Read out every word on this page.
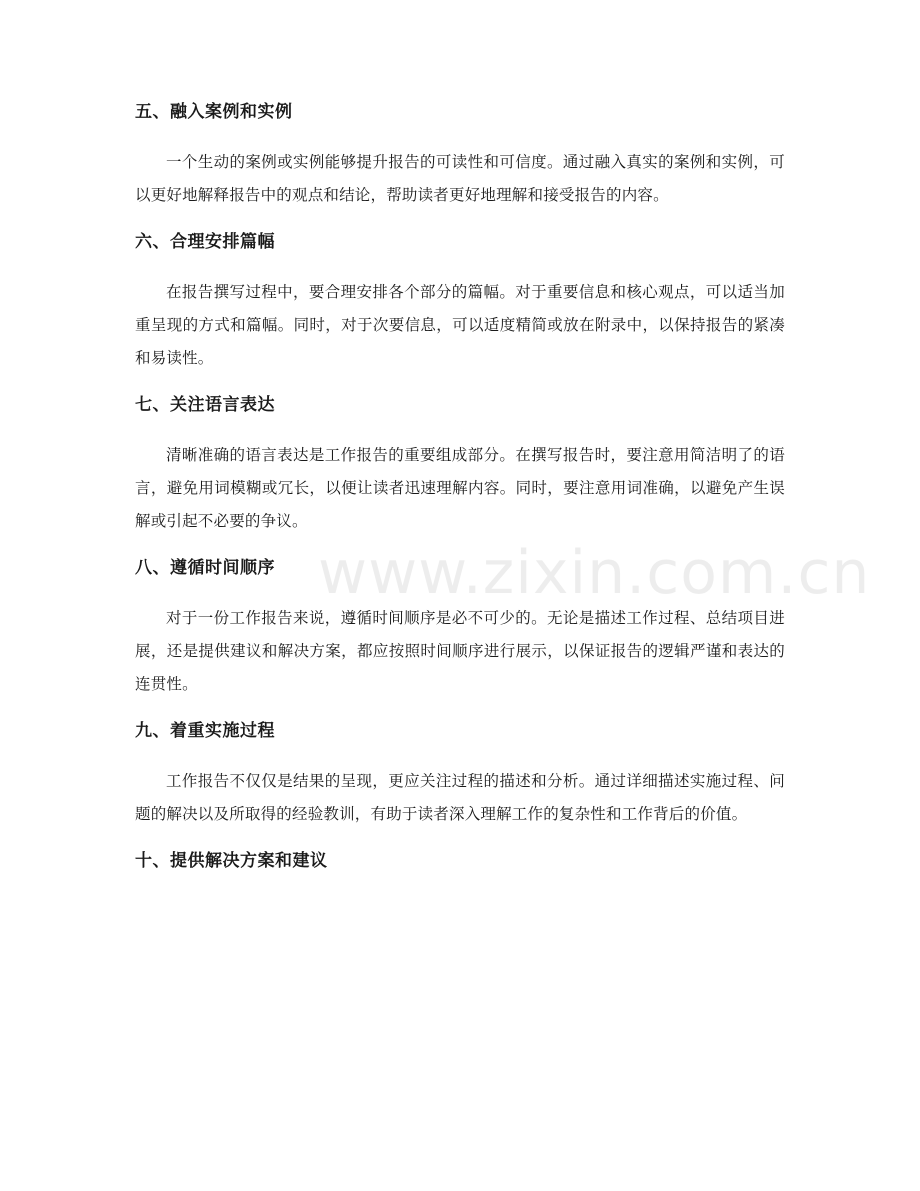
五、融入案例和实例

一个生动的案例或实例能够提升报告的可读性和可信度。通过融入真实的案例和实例，可以更好地解释报告中的观点和结论，帮助读者更好地理解和接受报告的内容。

六、合理安排篇幅

在报告撰写过程中，要合理安排各个部分的篇幅。对于重要信息和核心观点，可以适当加重呈现的方式和篇幅。同时，对于次要信息，可以适度精简或放在附录中，以保持报告的紧凑和易读性。

七、关注语言表达

清晰准确的语言表达是工作报告的重要组成部分。在撰写报告时，要注意用简洁明了的语言，避免用词模糊或冗长，以便让读者迅速理解内容。同时，要注意用词准确，以避免产生误解或引起不必要的争议。

八、遵循时间顺序

对于一份工作报告来说，遵循时间顺序是必不可少的。无论是描述工作过程、总结项目进展，还是提供建议和解决方案，都应按照时间顺序进行展示，以保证报告的逻辑严谨和表达的连贯性。

九、着重实施过程

工作报告不仅仅是结果的呈现，更应关注过程的描述和分析。通过详细描述实施过程、问题的解决以及所取得的经验教训，有助于读者深入理解工作的复杂性和工作背后的价值。

十、提供解决方案和建议
www.zixin.com.cn
